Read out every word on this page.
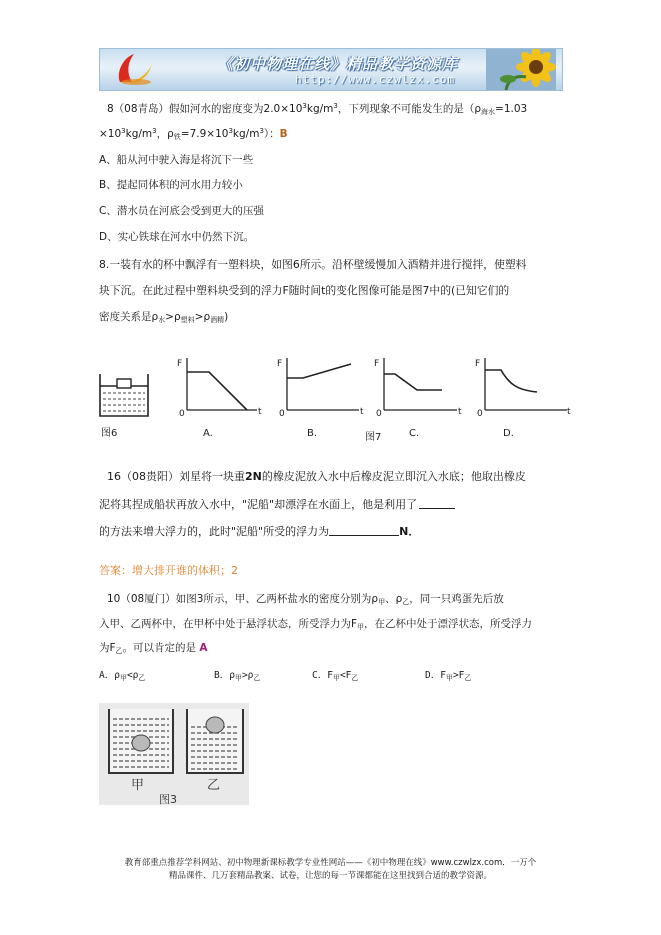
《初中物理在线》精品教学资源库
http://www.czwlzx.com
8（08青岛）假如河水的密度变为$2.0\times 10^3kg/m^3$，下列现象不可能发生的是（$\rho_{海水}=1.03$
$\times 10^3kg/m^3$，$\rho_铁=7.9\times 10^3kg/m^3$）：B
A、船从河中驶入海是将沉下一些
B、提起同体积的河水用力较小
C、潜水员在河底会受到更大的压强
D、实心铁球在河水中仍然下沉。
8.一装有水的杯中飘浮有一塑料块，如图6所示。沿杯壁缓慢加入酒精并进行搅拌，使塑料
块下沉。在此过程中塑料块受到的浮力F随时间t的变化图像可能是图7中的(已知它们的
密度关系是$\rho_水>\rho_{塑料}>\rho_{酒精}$)
图6
F
0	t
A.
F
0	t
B.
F
0	t
图7	C.
F
0	t
D.
16（08贵阳）刘星将一块重2N的橡皮泥放入水中后橡皮泥立即沉入水底；他取出橡皮
泥将其捏成船状再放入水中，"泥船"却漂浮在水面上，他是利用了
的方法来增大浮力的，此时"泥船"所受的浮力为	N．
答案：增大排开谁的体积；2
10（08厦门）如图3所示，甲、乙两杯盐水的密度分别为$\rho_甲$、$\rho_乙$，同一只鸡蛋先后放
入甲、乙两杯中，在甲杯中处于悬浮状态，所受浮力为$F_甲$，在乙杯中处于漂浮状态，所受浮力
为$F_乙$。可以肯定的是 A
A．$\rho_甲<\rho_乙$	B．$\rho_甲>\rho_乙$	C．$F_甲<F_乙$	D．$F_甲>F_乙$
甲	乙
图3
教育部重点推荐学科网站、初中物理新课标教学专业性网站——《初中物理在线》www.czwlzx.com．一万个
精品课件、几万套精品教案、试卷，让您的每一节课都能在这里找到合适的教学资源。
